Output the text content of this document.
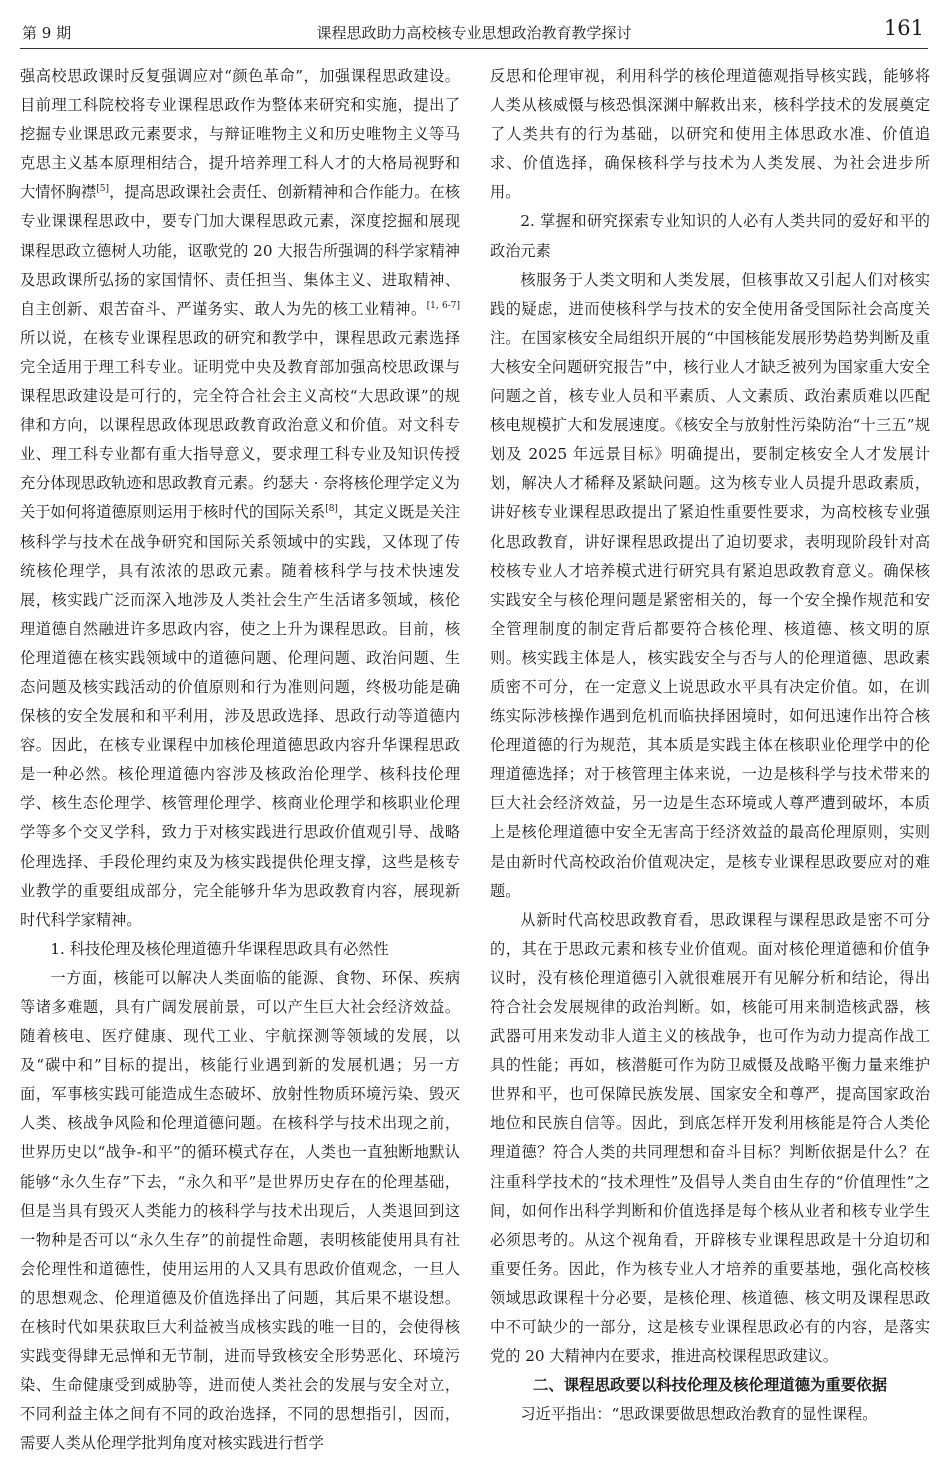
第 9 期	课程思政助力高校核专业思想政治教育教学探讨	161

强高校思政课时反复强调应对“颜色革命”，加强课程思政建设。目前理工科院校将专业课程思政作为整体来研究和实施，提出了挖掘专业课思政元素要求，与辩证唯物主义和历史唯物主义等马克思主义基本原理相结合，提升培养理工科人才的大格局视野和大情怀胸襟[5]，提高思政课社会责任、创新精神和合作能力。在核专业课课程思政中，要专门加大课程思政元素，深度挖掘和展现课程思政立德树人功能，讴歌党的 20 大报告所强调的科学家精神及思政课所弘扬的家国情怀、责任担当、集体主义、进取精神、自主创新、艰苦奋斗、严谨务实、敢人为先的核工业精神。[1, 6-7]所以说，在核专业课程思政的研究和教学中，课程思政元素选择完全适用于理工科专业。证明党中央及教育部加强高校思政课与课程思政建设是可行的，完全符合社会主义高校“大思政课”的规律和方向，以课程思政体现思政教育政治意义和价值。对文科专业、理工科专业都有重大指导意义，要求理工科专业及知识传授充分体现思政轨迹和思政教育元素。约瑟夫 · 奈将核伦理学定义为关于如何将道德原则运用于核时代的国际关系[8]，其定义既是关注核科学与技术在战争研究和国际关系领域中的实践，又体现了传统核伦理学，具有浓浓的思政元素。随着核科学与技术快速发展，核实践广泛而深入地涉及人类社会生产生活诸多领域，核伦理道德自然融进许多思政内容，使之上升为课程思政。目前，核伦理道德在核实践领域中的道德问题、伦理问题、政治问题、生态问题及核实践活动的价值原则和行为准则问题，终极功能是确保核的安全发展和和平利用，涉及思政选择、思政行动等道德内容。因此，在核专业课程中加核伦理道德思政内容升华课程思政是一种必然。核伦理道德内容涉及核政治伦理学、核科技伦理学、核生态伦理学、核管理伦理学、核商业伦理学和核职业伦理学等多个交叉学科，致力于对核实践进行思政价值观引导、战略伦理选择、手段伦理约束及为核实践提供伦理支撑，这些是核专业教学的重要组成部分，完全能够升华为思政教育内容，展现新时代科学家精神。

1. 科技伦理及核伦理道德升华课程思政具有必然性

一方面，核能可以解决人类面临的能源、食物、环保、疾病等诸多难题，具有广阔发展前景，可以产生巨大社会经济效益。随着核电、医疗健康、现代工业、宇航探测等领域的发展，以及“碳中和”目标的提出，核能行业遇到新的发展机遇；另一方面，军事核实践可能造成生态破坏、放射性物质环境污染、毁灭人类、核战争风险和伦理道德问题。在核科学与技术出现之前，世界历史以“战争-和平”的循环模式存在，人类也一直独断地默认能够“永久生存”下去，“永久和平”是世界历史存在的伦理基础，但是当具有毁灭人类能力的核科学与技术出现后，人类退回到这一物种是否可以“永久生存”的前提性命题，表明核能使用具有社会伦理性和道德性，使用运用的人又具有思政价值观念，一旦人的思想观念、伦理道德及价值选择出了问题，其后果不堪设想。在核时代如果获取巨大利益被当成核实践的唯一目的，会使得核实践变得肆无忌惮和无节制，进而导致核安全形势恶化、环境污染、生命健康受到威胁等，进而使人类社会的发展与安全对立，不同利益主体之间有不同的政治选择，不同的思想指引，因而，需要人类从伦理学批判角度对核实践进行哲学

反思和伦理审视，利用科学的核伦理道德观指导核实践，能够将人类从核威慑与核恐惧深渊中解救出来，核科学技术的发展奠定了人类共有的行为基础，以研究和使用主体思政水准、价值追求、价值选择，确保核科学与技术为人类发展、为社会进步所用。

2. 掌握和研究探索专业知识的人必有人类共同的爱好和平的政治元素

核服务于人类文明和人类发展，但核事故又引起人们对核实践的疑虑，进而使核科学与技术的安全使用备受国际社会高度关注。在国家核安全局组织开展的“中国核能发展形势趋势判断及重大核安全问题研究报告”中，核行业人才缺乏被列为国家重大安全问题之首，核专业人员和平素质、人文素质、政治素质难以匹配核电规模扩大和发展速度。《核安全与放射性污染防治“十三五”规划及 2025 年远景目标》明确提出，要制定核安全人才发展计划，解决人才稀释及紧缺问题。这为核专业人员提升思政素质，讲好核专业课程思政提出了紧迫性重要性要求，为高校核专业强化思政教育，讲好课程思政提出了迫切要求，表明现阶段针对高校核专业人才培养模式进行研究具有紧迫思政教育意义。确保核实践安全与核伦理问题是紧密相关的，每一个安全操作规范和安全管理制度的制定背后都要符合核伦理、核道德、核文明的原则。核实践主体是人，核实践安全与否与人的伦理道德、思政素质密不可分，在一定意义上说思政水平具有决定价值。如，在训练实际涉核操作遇到危机而临抉择困境时，如何迅速作出符合核伦理道德的行为规范，其本质是实践主体在核职业伦理学中的伦理道德选择；对于核管理主体来说，一边是核科学与技术带来的巨大社会经济效益，另一边是生态环境或人尊严遭到破坏，本质上是核伦理道德中安全无害高于经济效益的最高伦理原则，实则是由新时代高校政治价值观决定，是核专业课程思政要应对的难题。

从新时代高校思政教育看，思政课程与课程思政是密不可分的，其在于思政元素和核专业价值观。面对核伦理道德和价值争议时，没有核伦理道德引入就很难展开有见解分析和结论，得出符合社会发展规律的政治判断。如，核能可用来制造核武器，核武器可用来发动非人道主义的核战争，也可作为动力提高作战工具的性能；再如，核潜艇可作为防卫威慑及战略平衡力量来维护世界和平，也可保障民族发展、国家安全和尊严，提高国家政治地位和民族自信等。因此，到底怎样开发利用核能是符合人类伦理道德？符合人类的共同理想和奋斗目标？判断依据是什么？在注重科学技术的“技术理性”及倡导人类自由生存的“价值理性”之间，如何作出科学判断和价值选择是每个核从业者和核专业学生必须思考的。从这个视角看，开辟核专业课程思政是十分迫切和重要任务。因此，作为核专业人才培养的重要基地，强化高校核领域思政课程十分必要，是核伦理、核道德、核文明及课程思政中不可缺少的一部分，这是核专业课程思政必有的内容，是落实党的 20 大精神内在要求，推进高校课程思政建议。

二、课程思政要以科技伦理及核伦理道德为重要依据

习近平指出：“思政课要做思想政治教育的显性课程。
